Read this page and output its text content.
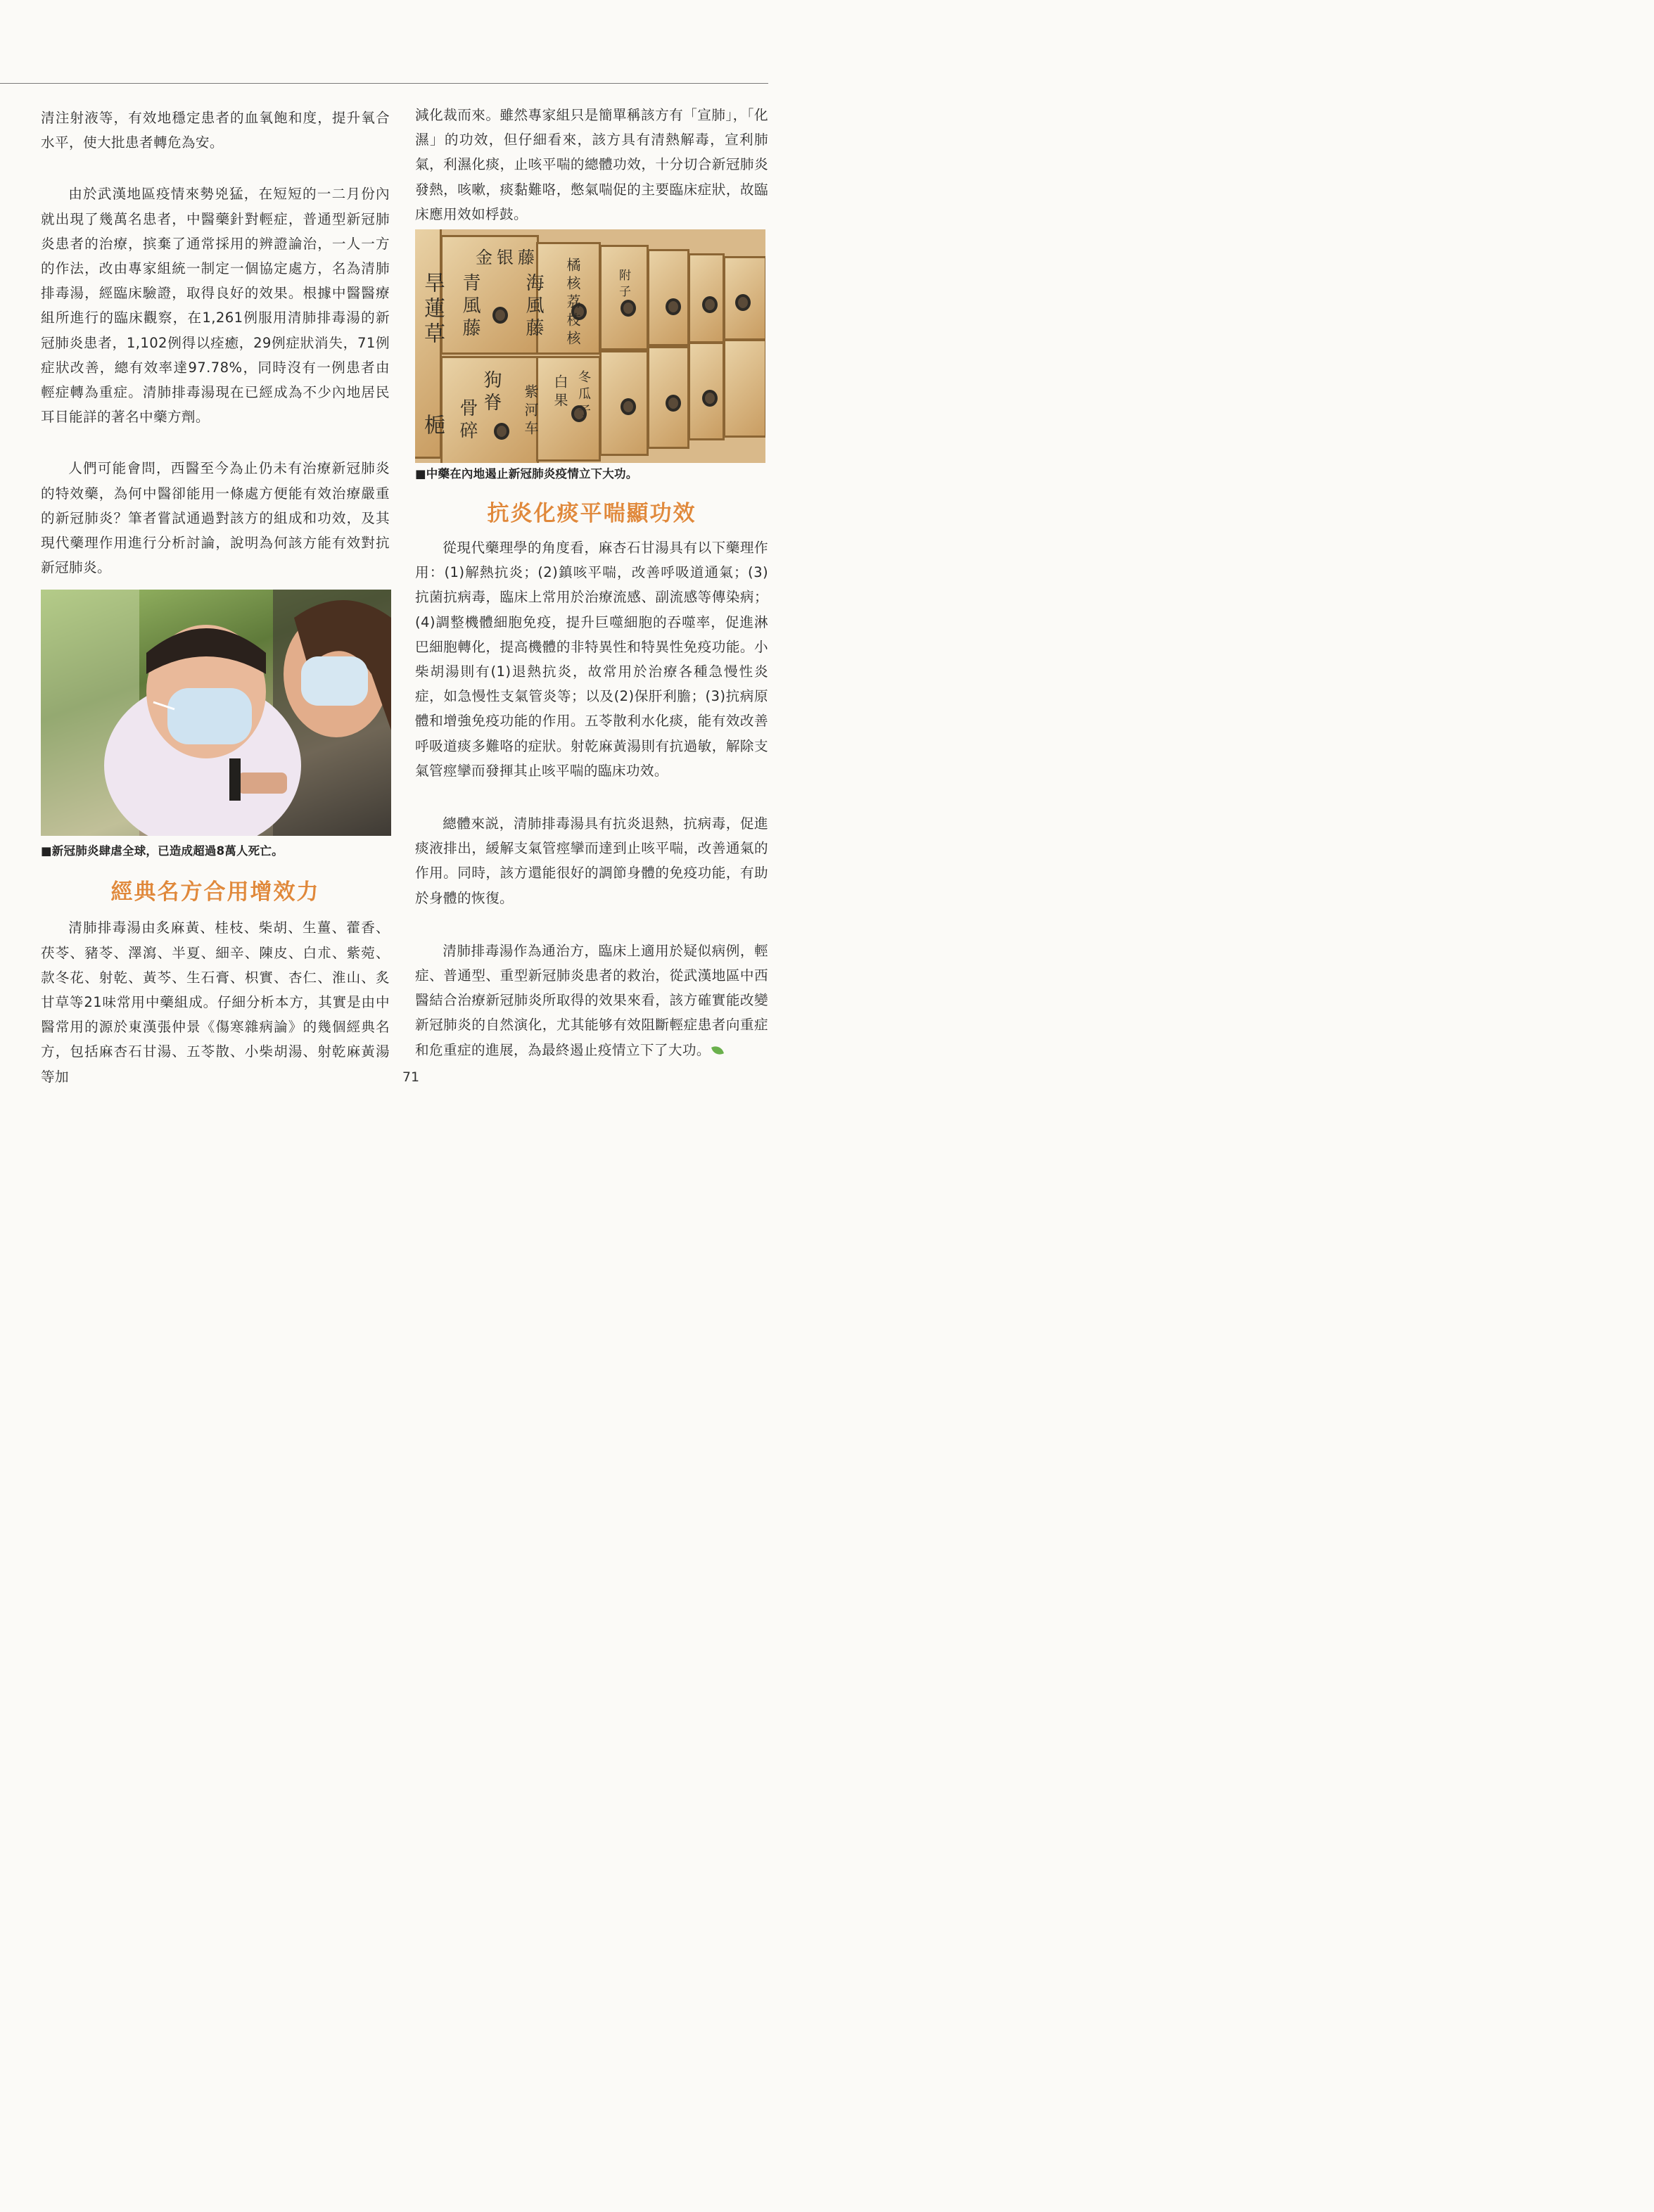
清注射液等，有效地穩定患者的血氧飽和度，提升氧合水平，使大批患者轉危為安。

由於武漢地區疫情來勢兇猛，在短短的一二月份內就出現了幾萬名患者，中醫藥針對輕症，普通型新冠肺炎患者的治療，摈棄了通常採用的辨證論治，一人一方的作法，改由專家組統一制定一個協定處方，名為清肺排毒湯，經臨床驗證，取得良好的效果。根據中醫醫療組所進行的臨床觀察，在1,261例服用清肺排毒湯的新冠肺炎患者，1,102例得以痊癒，29例症狀消失，71例症狀改善，總有效率達97.78%，同時沒有一例患者由輕症轉為重症。清肺排毒湯現在已經成為不少內地居民耳目能詳的著名中藥方劑。

人們可能會問，西醫至今為止仍未有治療新冠肺炎的特效藥，為何中醫卻能用一條處方便能有效治療嚴重的新冠肺炎？筆者嘗試通過對該方的組成和功效，及其現代藥理作用進行分析討論，說明為何該方能有效對抗新冠肺炎。

■新冠肺炎肆虐全球，已造成超過8萬人死亡。

經典名方合用增效力

清肺排毒湯由炙麻黃、桂枝、柴胡、生薑、藿香、茯苓、豬苓、澤瀉、半夏、細辛、陳皮、白朮、紫菀、款冬花、射乾、黃芩、生石膏、枳實、杏仁、淮山、炙甘草等21味常用中藥組成。仔細分析本方，其實是由中醫常用的源於東漢張仲景《傷寒雜病論》的幾個經典名方，包括麻杏石甘湯、五苓散、小柴胡湯、射乾麻黃湯等加

減化裁而來。雖然專家組只是簡單稱該方有「宣肺」，「化濕」的功效，但仔細看來，該方具有清熱解毒，宣利肺氣，利濕化痰，止咳平喘的總體功效，十分切合新冠肺炎發熱，咳嗽，痰黏難咯，憋氣喘促的主要臨床症狀，故臨床應用效如桴鼓。

金银藤
青風藤 海風藤 橘核
荔枝核
附子
旱蓮草
狗脊
骨碎	紫河车 白果 冬瓜子
梔

■中藥在內地遏止新冠肺炎疫情立下大功。

抗炎化痰平喘顯功效

從現代藥理學的角度看，麻杏石甘湯具有以下藥理作用：(1)解熱抗炎；(2)鎮咳平喘，改善呼吸道通氣；(3)抗菌抗病毒，臨床上常用於治療流感、副流感等傳染病；(4)調整機體細胞免疫，提升巨噬細胞的吞噬率，促進淋巴細胞轉化，提高機體的非特異性和特異性免疫功能。小柴胡湯則有(1)退熱抗炎，故常用於治療各種急慢性炎症，如急慢性支氣管炎等；以及(2)保肝利膽；(3)抗病原體和增強免疫功能的作用。五苓散利水化痰，能有效改善呼吸道痰多難咯的症狀。射乾麻黃湯則有抗過敏，解除支氣管痙攣而發揮其止咳平喘的臨床功效。

總體來説，清肺排毒湯具有抗炎退熱，抗病毒，促進痰液排出，緩解支氣管痙攣而達到止咳平喘，改善通氣的作用。同時，該方還能很好的調節身體的免疫功能，有助於身體的恢復。

清肺排毒湯作為通治方，臨床上適用於疑似病例，輕症、普通型、重型新冠肺炎患者的救治，從武漢地區中西醫結合治療新冠肺炎所取得的效果來看，該方確實能改變新冠肺炎的自然演化，尤其能够有效阻斷輕症患者向重症和危重症的進展，為最終遏止疫情立下了大功。

71
